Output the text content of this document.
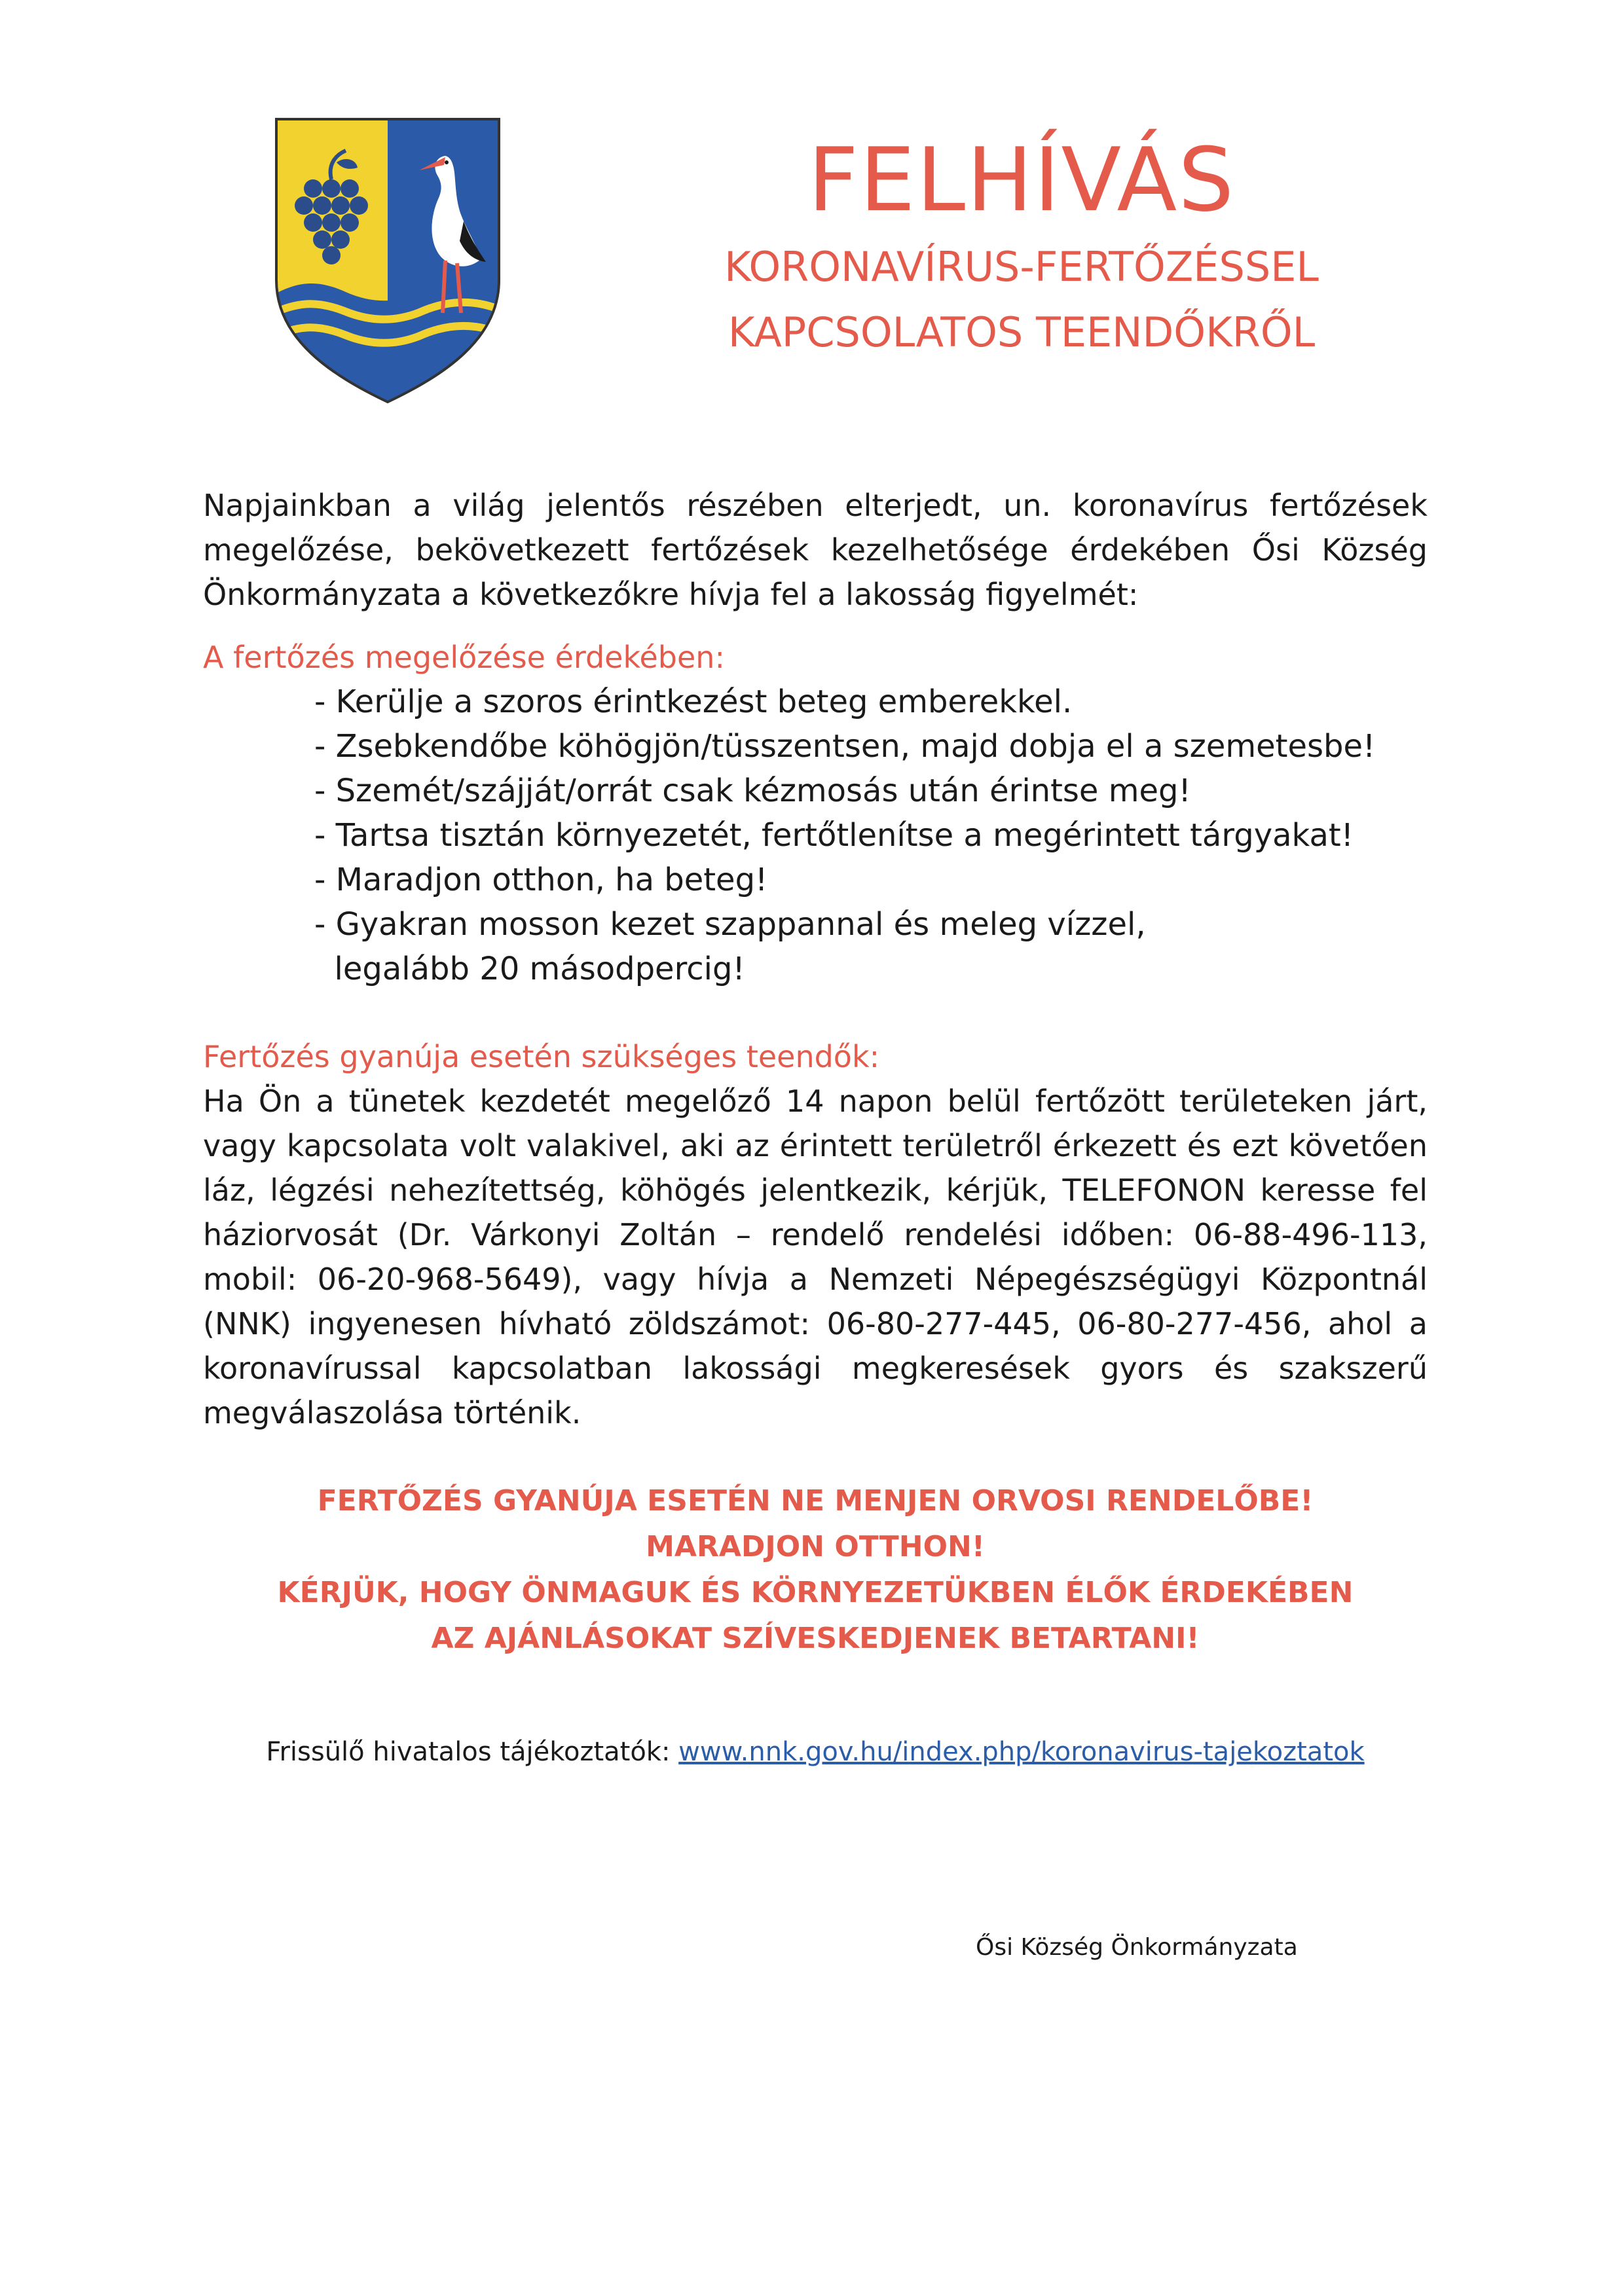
FELHÍVÁS
KORONAVÍRUS-FERTŐZÉSSEL
KAPCSOLATOS TEENDŐKRŐL

Napjainkban a világ jelentős részében elterjedt, un. koronavírus fertőzések megelőzése, bekövetkezett fertőzések kezelhetősége érdekében Ősi Község Önkormányzata a következőkre hívja fel a lakosság figyelmét:

A fertőzés megelőzése érdekében:

- Kerülje a szoros érintkezést beteg emberekkel.
- Zsebkendőbe köhögjön/tüsszentsen, majd dobja el a szemetesbe!
- Szemét/szájját/orrát csak kézmosás után érintse meg!
- Tartsa tisztán környezetét, fertőtlenítse a megérintett tárgyakat!
- Maradjon otthon, ha beteg!
- Gyakran mosson kezet szappannal és meleg vízzel,
legalább 20 másodpercig!

Fertőzés gyanúja esetén szükséges teendők:

Ha Ön a tünetek kezdetét megelőző 14 napon belül fertőzött területeken járt, vagy kapcsolata volt valakivel, aki az érintett területről érkezett és ezt követően láz, légzési nehezítettség, köhögés jelentkezik, kérjük, TELEFONON keresse fel háziorvosát (Dr. Várkonyi Zoltán – rendelő rendelési időben: 06-88-496-113, mobil: 06-20-968-5649), vagy hívja a Nemzeti Népegészségügyi Központnál (NNK) ingyenesen hívható zöldszámot: 06-80-277-445, 06-80-277-456, ahol a koronavírussal kapcsolatban lakossági megkeresések gyors és szakszerű megválaszolása történik.

FERTŐZÉS GYANÚJA ESETÉN NE MENJEN ORVOSI RENDELŐBE!

MARADJON OTTHON!

KÉRJÜK, HOGY ÖNMAGUK ÉS KÖRNYEZETÜKBEN ÉLŐK ÉRDEKÉBEN

AZ AJÁNLÁSOKAT SZÍVESKEDJENEK BETARTANI!

Frissülő hivatalos tájékoztatók: www.nnk.gov.hu/index.php/koronavirus-tajekoztatok

Ősi Község Önkormányzata
